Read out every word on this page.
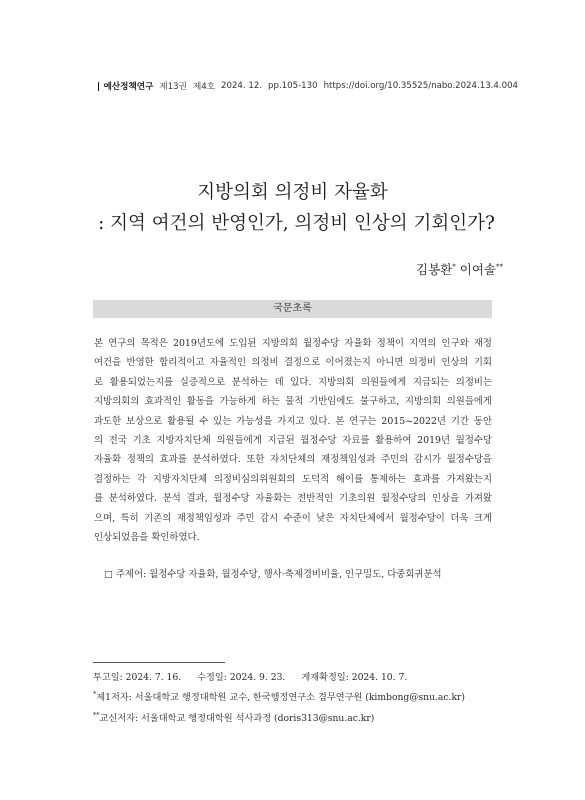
예산정책연구 제13권 제4호 2024. 12. pp.105-130 https://doi.org/10.35525/nabo.2024.13.4.004
지방의회 의정비 자율화
: 지역 여건의 반영인가, 의정비 인상의 기회인가?
김봉환* 이여솔**
국문초록
본 연구의 목적은 2019년도에 도입된 지방의회 월정수당 자율화 정책이 지역의 인구와 재정
여건을 반영한 합리적이고 자율적인 의정비 결정으로 이어졌는지 아니면 의정비 인상의 기회
로 활용되었는지를 실증적으로 분석하는 데 있다. 지방의회 의원들에게 지급되는 의정비는
지방의회의 효과적인 활동을 가능하게 하는 물적 기반임에도 불구하고, 지방의회 의원들에게
과도한 보상으로 활용될 수 있는 가능성을 가지고 있다. 본 연구는 2015~2022년 기간 동안
의 전국 기초 지방자치단체 의원들에게 지급된 월정수당 자료를 활용하여 2019년 월정수당
자율화 정책의 효과를 분석하였다. 또한 자치단체의 재정책임성과 주민의 감시가 월정수당을
결정하는 각 지방자치단체 의정비심의위원회의 도덕적 해이를 통제하는 효과를 가져왔는지
를 분석하였다. 분석 결과, 월정수당 자율화는 전반적인 기초의원 월정수당의 인상을 가져왔
으며, 특히 기존의 재정책임성과 주민 감시 수준이 낮은 자치단체에서 월정수당이 더욱 크게
인상되었음을 확인하였다.
□ 주제어: 월정수당 자율화, 월정수당, 행사·축제경비비율, 인구밀도, 다중회귀분석
투고일: 2024. 7. 16. 수정일: 2024. 9. 23. 게재확정일: 2024. 10. 7.
*제1저자: 서울대학교 행정대학원 교수, 한국행정연구소 겸무연구원 (kimbong@snu.ac.kr)
**교신저자: 서울대학교 행정대학원 석사과정 (doris313@snu.ac.kr)
